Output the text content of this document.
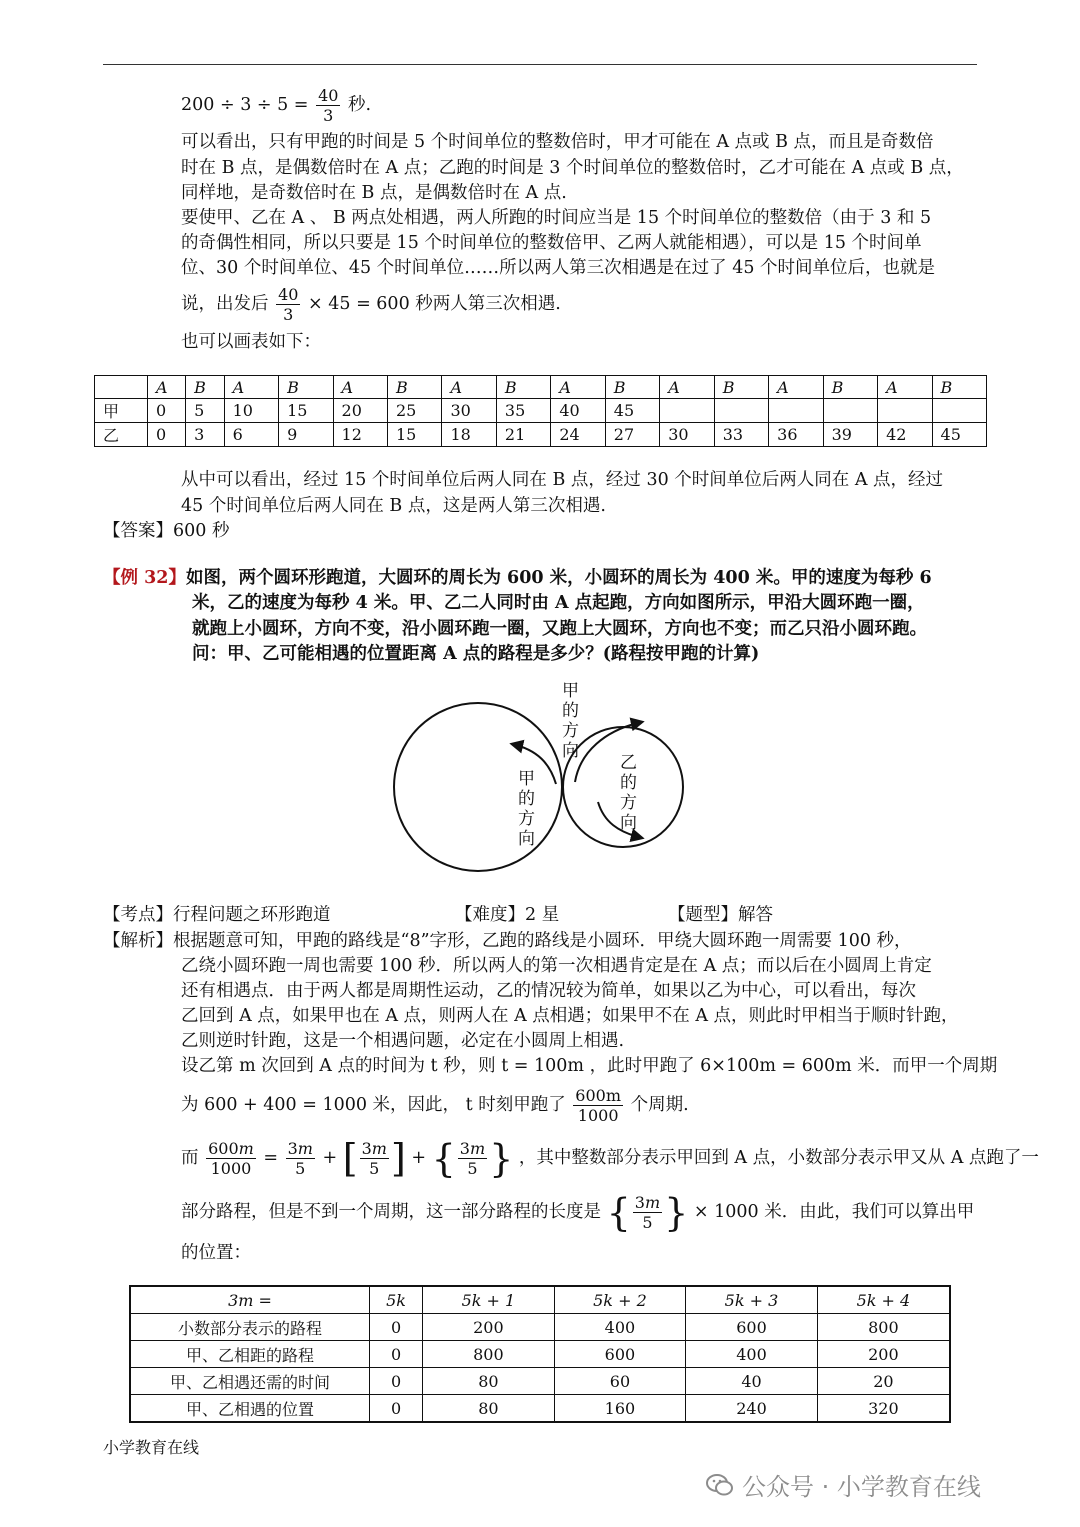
$200 \div 3 \div 5 = \frac{40}{3}$ 秒.
可以看出，只有甲跑的时间是 5 个时间单位的整数倍时，甲才可能在 A 点或 B 点，而且是奇数倍
时在 B 点，是偶数倍时在 A 点；乙跑的时间是 3 个时间单位的整数倍时，乙才可能在 A 点或 B 点，
同样地，是奇数倍时在 B 点，是偶数倍时在 A 点.
要使甲、乙在 A 、 B 两点处相遇，两人所跑的时间应当是 15 个时间单位的整数倍（由于 3 和 5
的奇偶性相同，所以只要是 15 个时间单位的整数倍甲、乙两人就能相遇），可以是 15 个时间单
位、30 个时间单位、45 个时间单位……所以两人第三次相遇是在过了 45 个时间单位后，也就是
说，出发后 $\frac{40}{3} \times 45 = 600$ 秒两人第三次相遇.
也可以画表如下：
	A	B	A	B	A	B	A	B	A	B	A	B	A	B	A	B
甲	0	5	10	15	20	25	30	35	40	45						
乙	0	3	6	9	12	15	18	21	24	27	30	33	36	39	42	45
从中可以看出，经过 15 个时间单位后两人同在 B 点，经过 30 个时间单位后两人同在 A 点，经过
45 个时间单位后两人同在 B 点，这是两人第三次相遇.
【答案】600 秒
【例 32】如图，两个圆环形跑道，大圆环的周长为 600 米，小圆环的周长为 400 米。甲的速度为每秒 6
米，乙的速度为每秒 4 米。甲、乙二人同时由 A 点起跑，方向如图所示，甲沿大圆环跑一圈，
就跑上小圆环，方向不变，沿小圆环跑一圈，又跑上大圆环，方向也不变；而乙只沿小圆环跑。
问：甲、乙可能相遇的位置距离 A 点的路程是多少？(路程按甲跑的计算)
甲
的
方
向
甲
的
方
向
乙
的
方
向
【考点】行程问题之环形跑道	【难度】2 星	【题型】解答
【解析】根据题意可知，甲跑的路线是“8”字形，乙跑的路线是小圆环．甲绕大圆环跑一周需要 100 秒，
乙绕小圆环跑一周也需要 100 秒．所以两人的第一次相遇肯定是在 A 点；而以后在小圆周上肯定
还有相遇点．由于两人都是周期性运动，乙的情况较为简单，如果以乙为中心，可以看出，每次
乙回到 A 点，如果甲也在 A 点，则两人在 A 点相遇；如果甲不在 A 点，则此时甲相当于顺时针跑，
乙则逆时针跑，这是一个相遇问题，必定在小圆周上相遇.
设乙第 m 次回到 A 点的时间为 t 秒，则 t = 100m ，此时甲跑了 6×100m = 600m 米．而甲一个周期
为 600 + 400 = 1000 米，因此， t 时刻甲跑了 $\frac{600m}{1000}$ 个周期.
而 $\frac{600m}{1000} = \frac{3m}{5}$ + [ $\frac{3m}{5}$ ] + { $\frac{3m}{5}$ } ，其中整数部分表示甲回到 A 点，小数部分表示甲又从 A 点跑了一
部分路程，但是不到一个周期，这一部分路程的长度是 { $\frac{3m}{5}$ } × 1000 米．由此，我们可以算出甲
的位置：
3m =	5k	5k + 1	5k + 2	5k + 3	5k + 4
小数部分表示的路程	0	200	400	600	800
甲、乙相距的路程	0	800	600	400	200
甲、乙相遇还需的时间	0	80	60	40	20
甲、乙相遇的位置	0	80	160	240	320
小学教育在线
公众号 · 小学教育在线
